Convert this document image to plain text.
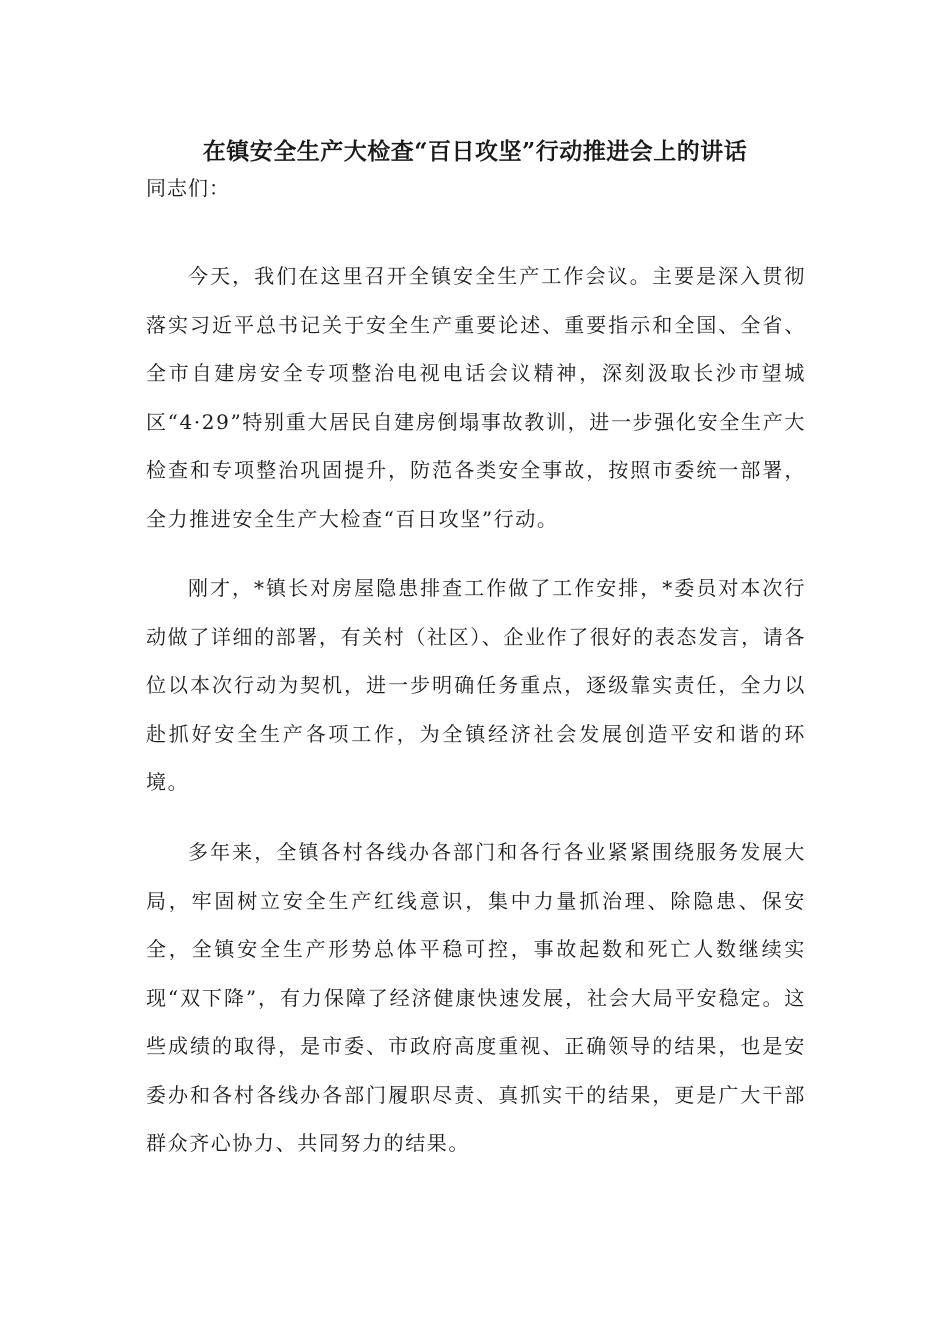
在镇安全生产大检查“百日攻坚”行动推进会上的讲话
同志们：

今天，我们在这里召开全镇安全生产工作会议。主要是深入贯彻落实习近平总书记关于安全生产重要论述、重要指示和全国、全省、全市自建房安全专项整治电视电话会议精神，深刻汲取长沙市望城区“4·29”特别重大居民自建房倒塌事故教训，进一步强化安全生产大检查和专项整治巩固提升，防范各类安全事故，按照市委统一部署，全力推进安全生产大检查“百日攻坚”行动。

刚才，*镇长对房屋隐患排查工作做了工作安排，*委员对本次行动做了详细的部署，有关村（社区）、企业作了很好的表态发言，请各位以本次行动为契机，进一步明确任务重点，逐级靠实责任，全力以赴抓好安全生产各项工作，为全镇经济社会发展创造平安和谐的环境。

多年来，全镇各村各线办各部门和各行各业紧紧围绕服务发展大局，牢固树立安全生产红线意识，集中力量抓治理、除隐患、保安全，全镇安全生产形势总体平稳可控，事故起数和死亡人数继续实现“双下降”，有力保障了经济健康快速发展，社会大局平安稳定。这些成绩的取得，是市委、市政府高度重视、正确领导的结果，也是安委办和各村各线办各部门履职尽责、真抓实干的结果，更是广大干部群众齐心协力、共同努力的结果。
